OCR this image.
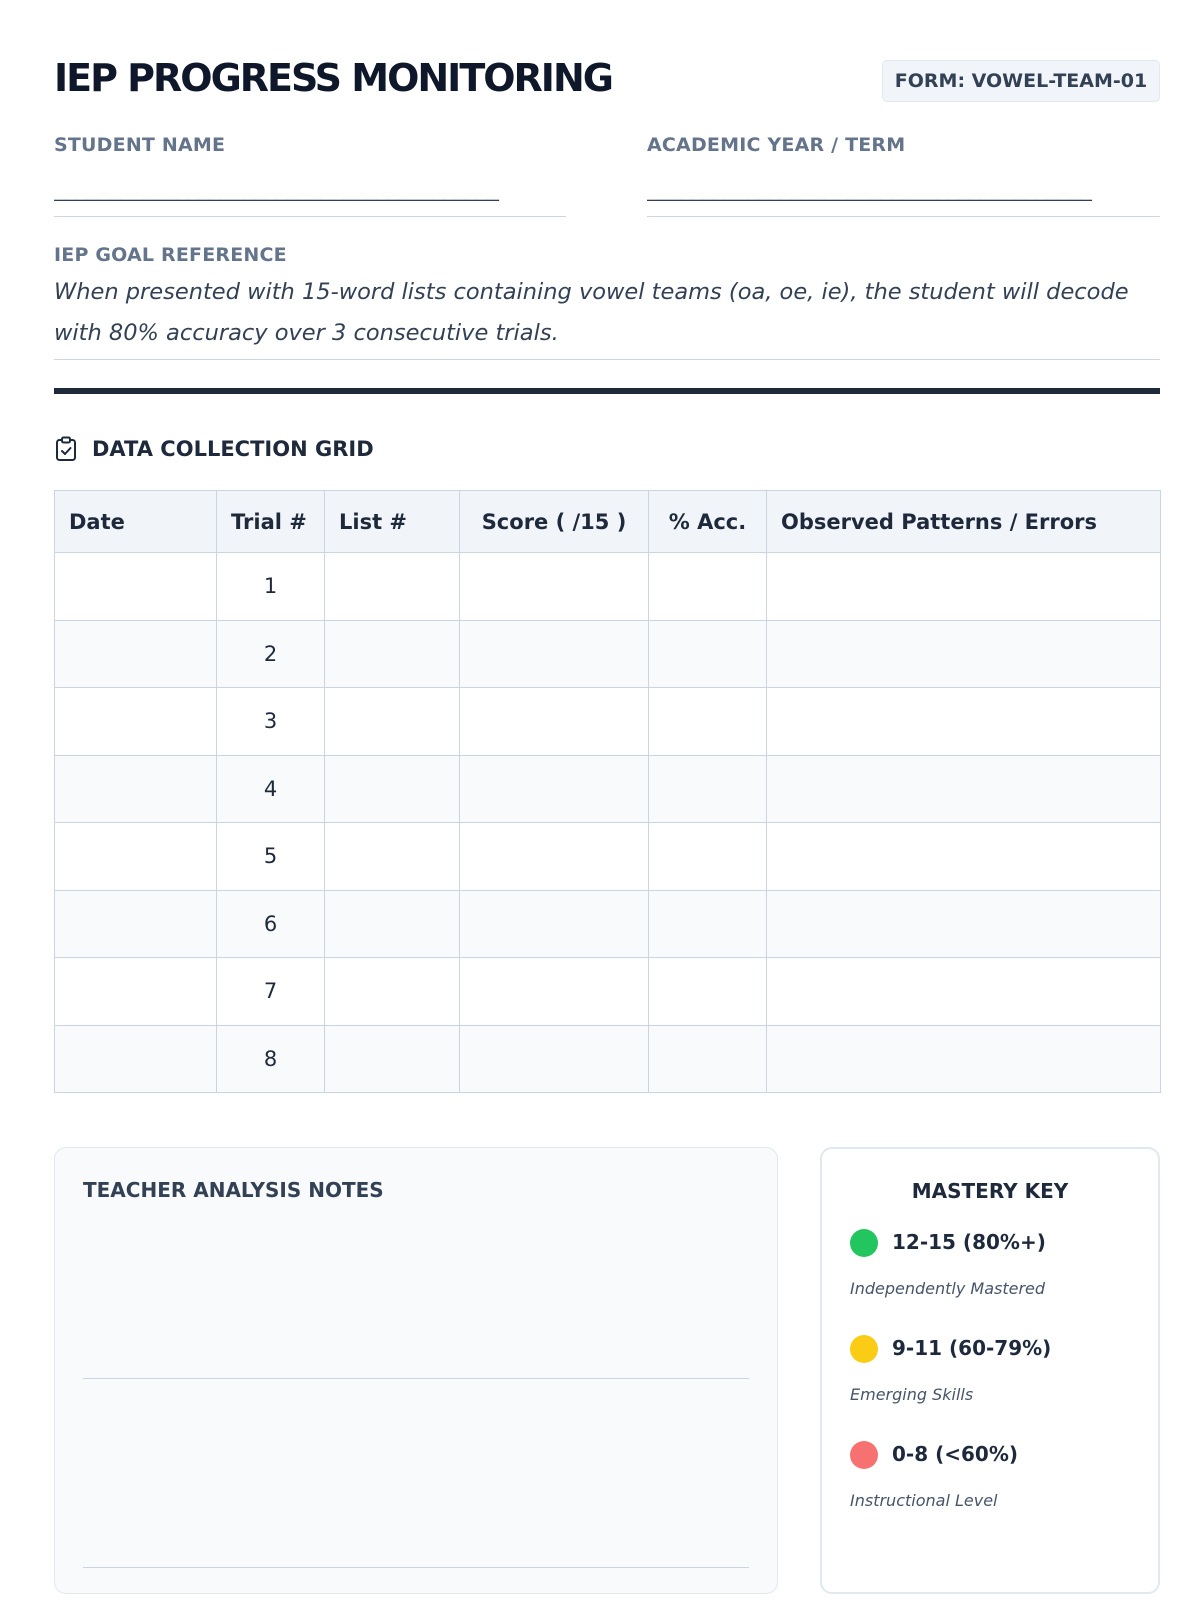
IEP PROGRESS MONITORING	FORM: VOWEL-TEAM-01
STUDENT NAME
________________________________________
ACADEMIC YEAR / TERM
________________________________________
IEP GOAL REFERENCE
When presented with 15-word lists containing vowel teams (oa, oe, ie), the student will decode with 80% accuracy over 3 consecutive trials.
DATA COLLECTION GRID
Date	Trial #	List #	Score ( /15 )	% Acc.	Observed Patterns / Errors
	1				
	2				
	3				
	4				
	5				
	6				
	7				
	8				
TEACHER ANALYSIS NOTES	MASTERY KEY
12-15 (80%+)
Independently Mastered
9-11 (60-79%)
Emerging Skills
0-8 (<60%)
Instructional Level
